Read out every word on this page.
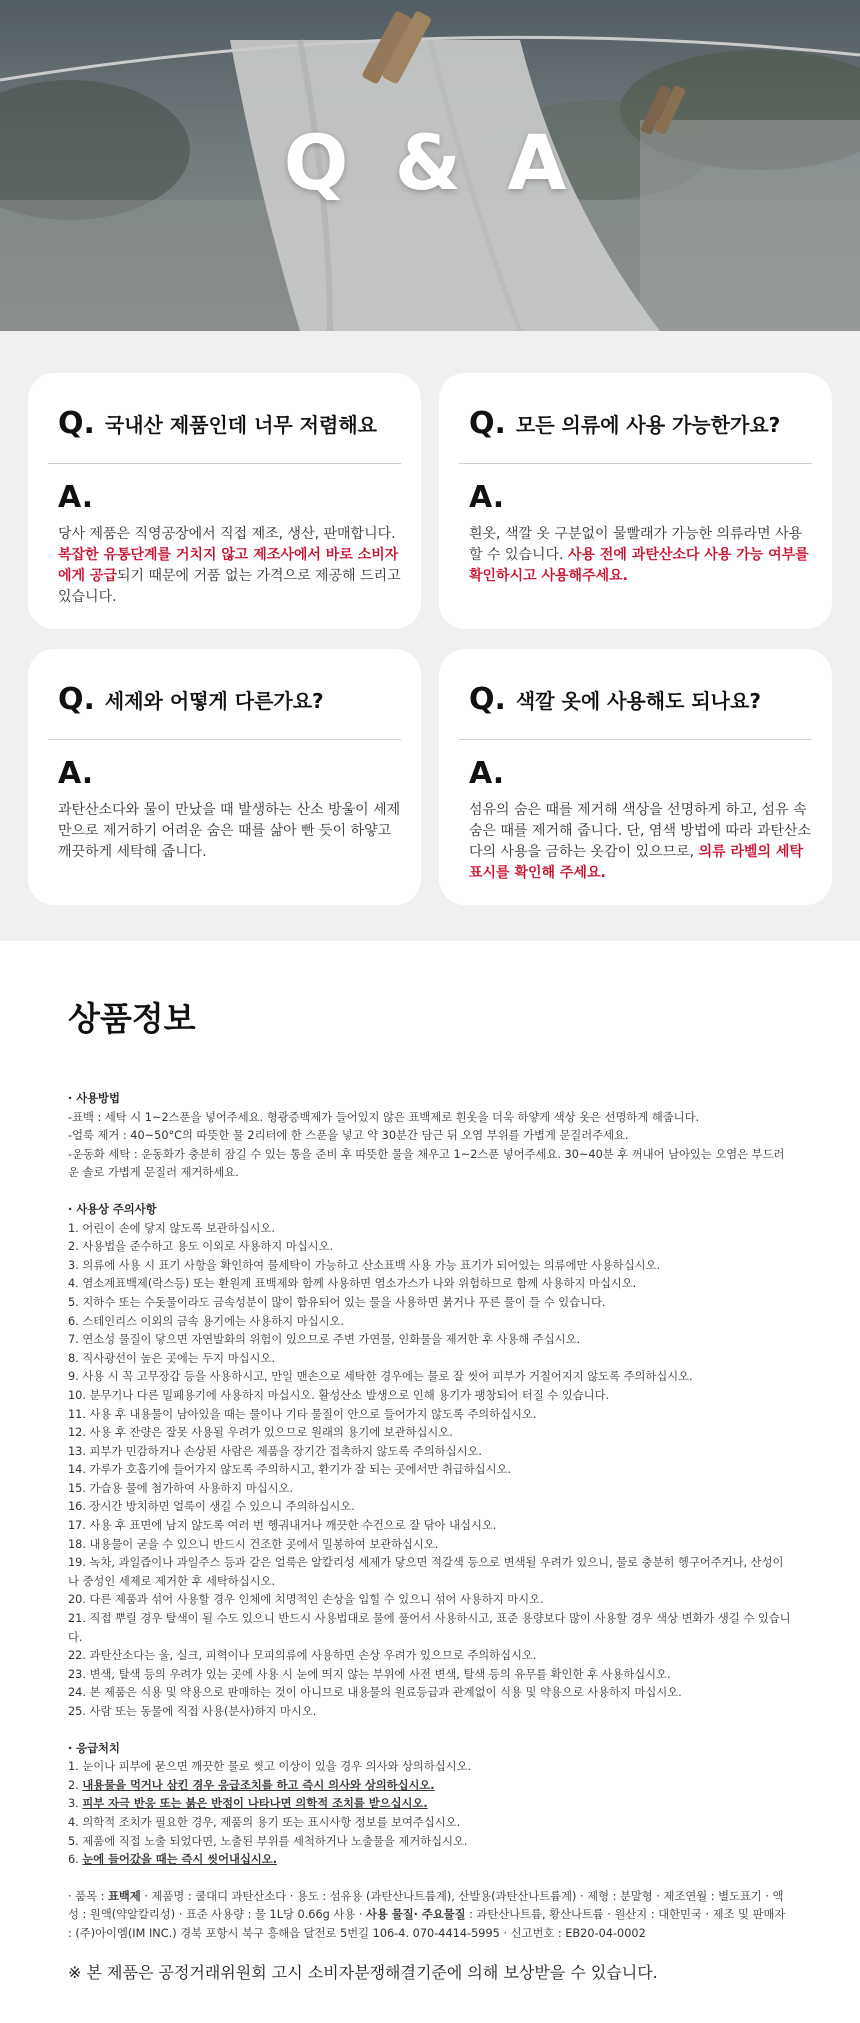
Q & A
Q. 국내산 제품인데 너무 저렴해요
A.
당사 제품은 직영공장에서 직접 제조, 생산, 판매합니다. 복잡한 유통단계를 거치지 않고 제조사에서 바로 소비자에게 공급되기 때문에 거품 없는 가격으로 제공해 드리고 있습니다.
Q. 모든 의류에 사용 가능한가요?
A.
흰옷, 색깔 옷 구분없이 물빨래가 가능한 의류라면 사용할 수 있습니다. 사용 전에 과탄산소다 사용 가능 여부를 확인하시고 사용해주세요.
Q. 세제와 어떻게 다른가요?
A.
과탄산소다와 물이 만났을 때 발생하는 산소 방울이 세제만으로 제거하기 어려운 숨은 때를 삶아 빤 듯이 하얗고 깨끗하게 세탁해 줍니다.
Q. 색깔 옷에 사용해도 되나요?
A.
섬유의 숨은 때를 제거해 색상을 선명하게 하고, 섬유 속 숨은 때를 제거해 줍니다. 단, 염색 방법에 따라 과탄산소다의 사용을 금하는 옷감이 있으므로, 의류 라벨의 세탁 표시를 확인해 주세요.
상품정보
· 사용방법
-표백 : 세탁 시 1~2스푼을 넣어주세요. 형광증백제가 들어있지 않은 표백제로 흰옷을 더욱 하얗게 색상 옷은 선명하게 해줍니다.
-얼룩 제거 : 40~50°C의 따뜻한 물 2리터에 한 스푼을 넣고 약 30분간 담근 뒤 오염 부위를 가볍게 문질러주세요.
-운동화 세탁 : 운동화가 충분히 잠길 수 있는 통을 준비 후 따뜻한 물을 채우고 1~2스푼 넣어주세요. 30~40분 후 꺼내어 남아있는 오염은 부드러운 솔로 가볍게 문질러 제거하세요.
· 사용상 주의사항
1. 어린이 손에 닿지 않도록 보관하십시오.
2. 사용법을 준수하고 용도 이외로 사용하지 마십시오.
3. 의류에 사용 시 표기 사항을 확인하여 물세탁이 가능하고 산소표백 사용 가능 표기가 되어있는 의류에만 사용하십시오.
4. 염소계표백제(락스등) 또는 환원계 표백제와 함께 사용하면 염소가스가 나와 위험하므로 함께 사용하지 마십시오.
5. 지하수 또는 수돗물이라도 금속성분이 많이 함유되어 있는 물을 사용하면 붉거나 푸른 물이 들 수 있습니다.
6. 스테인리스 이외의 금속 용기에는 사용하지 마십시오.
7. 연소성 물질이 닿으면 자연발화의 위험이 있으므로 주변 가연물, 인화물을 제거한 후 사용해 주십시오.
8. 직사광선이 높은 곳에는 두지 마십시오.
9. 사용 시 꼭 고무장갑 등을 사용하시고, 만일 맨손으로 세탁한 경우에는 물로 잘 씻어 피부가 거칠어지지 않도록 주의하십시오.
10. 분무기나 다른 밀폐용기에 사용하지 마십시오. 활성산소 발생으로 인해 용기가 팽창되어 터질 수 있습니다.
11. 사용 후 내용물이 남아있을 때는 물이나 기타 물질이 안으로 들어가지 않도록 주의하십시오.
12. 사용 후 잔량은 잘못 사용될 우려가 있으므로 원래의 용기에 보관하십시오.
13. 피부가 민감하거나 손상된 사람은 제품을 장기간 접촉하지 않도록 주의하십시오.
14. 가루가 호흡기에 들어가지 않도록 주의하시고, 환기가 잘 되는 곳에서만 취급하십시오.
15. 가습용 물에 첨가하여 사용하지 마십시오.
16. 장시간 방치하면 얼룩이 생길 수 있으니 주의하십시오.
17. 사용 후 표면에 남지 않도록 여러 번 헹궈내거나 깨끗한 수건으로 잘 닦아 내십시오.
18. 내용물이 굳을 수 있으니 반드시 건조한 곳에서 밀봉하여 보관하십시오.
19. 녹차, 과일즙이나 과일주스 등과 같은 얼룩은 알칼리성 세제가 닿으면 적갈색 등으로 변색될 우려가 있으니, 물로 충분히 헹구어주거나, 산성이나 중성인 세제로 제거한 후 세탁하십시오.
20. 다른 제품과 섞어 사용할 경우 인체에 치명적인 손상을 입힐 수 있으니 섞어 사용하지 마시오.
21. 직접 뿌릴 경우 탈색이 될 수도 있으니 반드시 사용법대로 물에 풀어서 사용하시고, 표준 용량보다 많이 사용할 경우 색상 변화가 생길 수 있습니다.
22. 과탄산소다는 울, 실크, 피혁이나 모피의류에 사용하면 손상 우려가 있으므로 주의하십시오.
23. 변색, 탈색 등의 우려가 있는 곳에 사용 시 눈에 띄지 않는 부위에 사전 변색, 탈색 등의 유무를 확인한 후 사용하십시오.
24. 본 제품은 식용 및 약용으로 판매하는 것이 아니므로 내용물의 원료등급과 관계없이 식용 및 약용으로 사용하지 마십시오.
25. 사람 또는 동물에 직접 사용(분사)하지 마시오.
· 응급처치
1. 눈이나 피부에 묻으면 깨끗한 물로 씻고 이상이 있을 경우 의사와 상의하십시오.
2. 내용물을 먹거나 삼킨 경우 응급조치를 하고 즉시 의사와 상의하십시오.
3. 피부 자극 반응 또는 붉은 반점이 나타나면 의학적 조치를 받으십시오.
4. 의학적 조치가 필요한 경우, 제품의 용기 또는 표시사항 정보를 보여주십시오.
5. 제품에 직접 노출 되었다면, 노출된 부위를 세척하거나 노출물을 제거하십시오.
6. 눈에 들어갔을 때는 즉시 씻어내십시오.
· 품목 : 표백제 · 제품명 : 쿨대디 과탄산소다 · 용도 : 섬유용 (과탄산나트륨계), 산발용(과탄산나트륨계) · 제형 : 분말형 · 제조연월 : 별도표기 · 액성 : 원액(약알칼리성) · 표준 사용량 : 물 1L당 0.66g 사용 · 사용 물질· 주요물질 : 과탄산나트륨, 황산나트륨 · 원산지 : 대한민국 · 제조 및 판매자 : (주)아이엠(IM INC.) 경북 포항시 북구 흥해읍 달전로 5번길 106-4. 070-4414-5995 · 신고번호 : EB20-04-0002
※ 본 제품은 공정거래위원회 고시 소비자분쟁해결기준에 의해 보상받을 수 있습니다.
